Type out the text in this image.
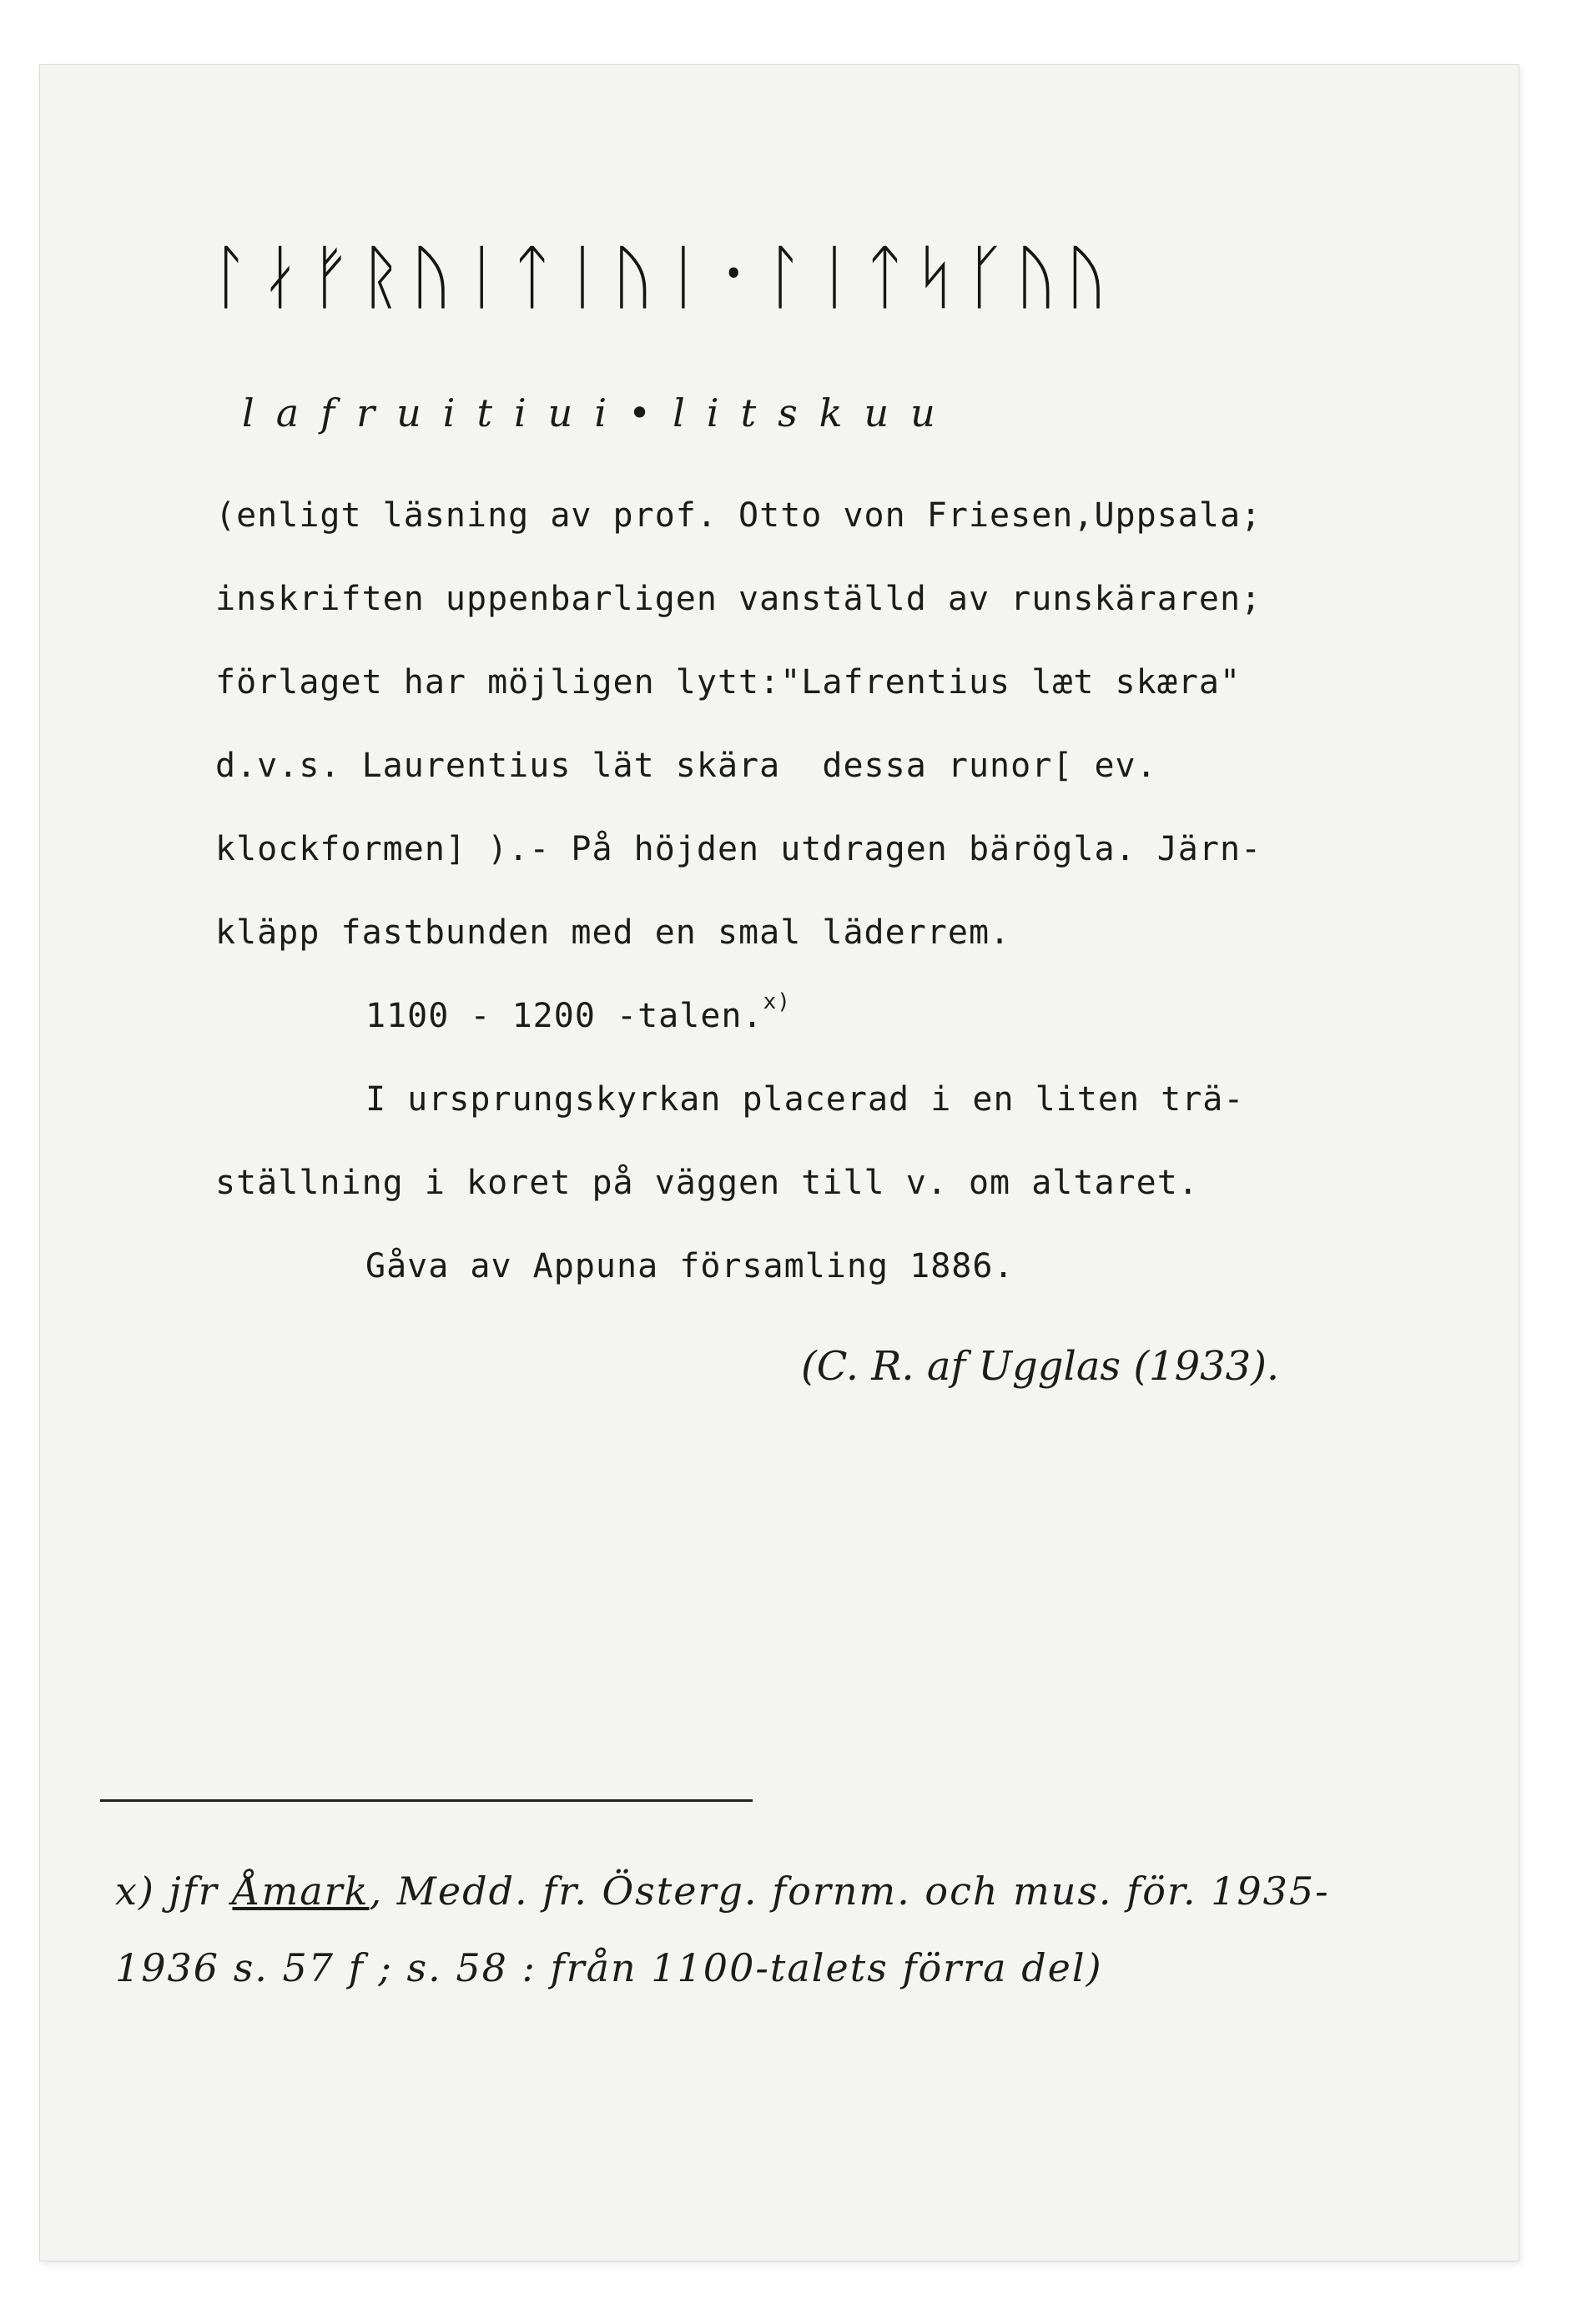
ᛚᛅᚠᚱᚢᛁᛏᛁᚢᛁ᛫ᛚᛁᛏᛋᚴᚢᚢ
lafruitiui•litskuu
(enligt läsning av prof. Otto von Friesen,Uppsala;
inskriften uppenbarligen vanställd av runskäraren;
förlaget har möjligen lytt:"Lafrentius læt skæra"
d.v.s. Laurentius lät skära  dessa runor[ ev.
klockformen] ).- På höjden utdragen bärögla. Järn-
kläpp fastbunden med en smal läderrem.
1100 - 1200 -talen.$^{x)}$
I ursprungskyrkan placerad i en liten trä-
ställning i koret på väggen till v. om altaret.
Gåva av Appuna församling 1886.
(C. R. af Ugglas (1933).
x) jfr Åmark, Medd. fr. Österg. fornm. och mus. för. 1935-
1936 s. 57 f ; s. 58 : från 1100-talets förra del)
